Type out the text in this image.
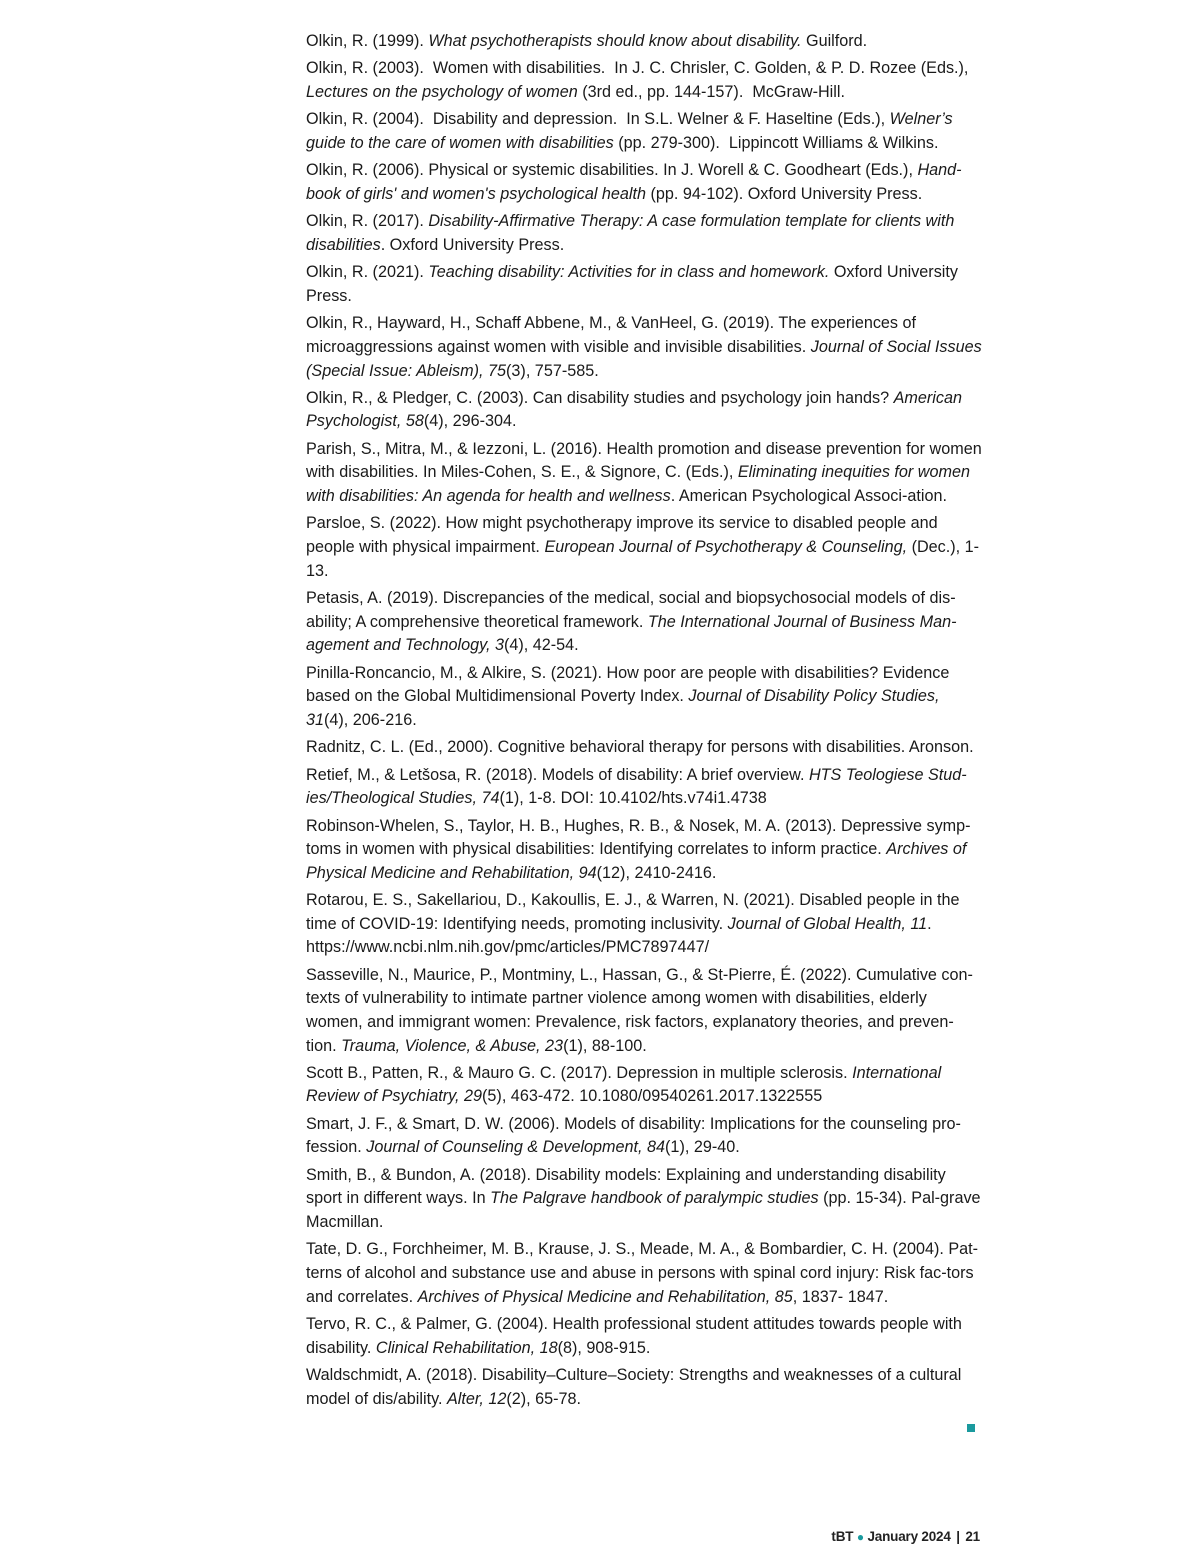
Olkin, R. (1999). What psychotherapists should know about disability. Guilford.

Olkin, R. (2003).  Women with disabilities.  In J. C. Chrisler, C. Golden, & P. D. Rozee (Eds.), Lectures on the psychology of women (3rd ed., pp. 144-157).  McGraw-Hill.

Olkin, R. (2004).  Disability and depression.  In S.L. Welner & F. Haseltine (Eds.), Welner’s guide to the care of women with disabilities (pp. 279-300).  Lippincott Williams & Wilkins.

Olkin, R. (2006). Physical or systemic disabilities. In J. Worell & C. Goodheart (Eds.), Hand-book of girls' and women's psychological health (pp. 94-102). Oxford University Press.

Olkin, R. (2017). Disability-Affirmative Therapy: A case formulation template for clients with disabilities. Oxford University Press.

Olkin, R. (2021). Teaching disability: Activities for in class and homework. Oxford University Press.

Olkin, R., Hayward, H., Schaff Abbene, M., & VanHeel, G. (2019). The experiences of microaggressions against women with visible and invisible disabilities. Journal of Social Issues (Special Issue: Ableism), 75(3), 757-585.

Olkin, R., & Pledger, C. (2003). Can disability studies and psychology join hands? American Psychologist, 58(4), 296-304.

Parish, S., Mitra, M., & Iezzoni, L. (2016). Health promotion and disease prevention for women with disabilities. In Miles-Cohen, S. E., & Signore, C. (Eds.), Eliminating inequities for women with disabilities: An agenda for health and wellness. American Psychological Associ-ation.

Parsloe, S. (2022). How might psychotherapy improve its service to disabled people and people with physical impairment. European Journal of Psychotherapy & Counseling, (Dec.), 1-13.

Petasis, A. (2019). Discrepancies of the medical, social and biopsychosocial models of dis-ability; A comprehensive theoretical framework. The International Journal of Business Man-agement and Technology, 3(4), 42-54.

Pinilla-Roncancio, M., & Alkire, S. (2021). How poor are people with disabilities? Evidence based on the Global Multidimensional Poverty Index. Journal of Disability Policy Studies, 31(4), 206-216.

Radnitz, C. L. (Ed., 2000). Cognitive behavioral therapy for persons with disabilities. Aronson.

Retief, M., & Letšosa, R. (2018). Models of disability: A brief overview. HTS Teologiese Stud-ies/Theological Studies, 74(1), 1-8. DOI: 10.4102/hts.v74i1.4738

Robinson-Whelen, S., Taylor, H. B., Hughes, R. B., & Nosek, M. A. (2013). Depressive symp-toms in women with physical disabilities: Identifying correlates to inform practice. Archives of Physical Medicine and Rehabilitation, 94(12), 2410-2416.

Rotarou, E. S., Sakellariou, D., Kakoullis, E. J., & Warren, N. (2021). Disabled people in the time of COVID-19: Identifying needs, promoting inclusivity. Journal of Global Health, 11. https://www.ncbi.nlm.nih.gov/pmc/articles/PMC7897447/

Sasseville, N., Maurice, P., Montminy, L., Hassan, G., & St-Pierre, É. (2022). Cumulative con-texts of vulnerability to intimate partner violence among women with disabilities, elderly women, and immigrant women: Prevalence, risk factors, explanatory theories, and preven-tion. Trauma, Violence, & Abuse, 23(1), 88-100.

Scott B., Patten, R., & Mauro G. C. (2017). Depression in multiple sclerosis. International Review of Psychiatry, 29(5), 463-472. 10.1080/09540261.2017.1322555

Smart, J. F., & Smart, D. W. (2006). Models of disability: Implications for the counseling pro-fession. Journal of Counseling & Development, 84(1), 29-40.

Smith, B., & Bundon, A. (2018). Disability models: Explaining and understanding disability sport in different ways. In The Palgrave handbook of paralympic studies (pp. 15-34). Pal-grave Macmillan.

Tate, D. G., Forchheimer, M. B., Krause, J. S., Meade, M. A., & Bombardier, C. H. (2004). Pat-terns of alcohol and substance use and abuse in persons with spinal cord injury: Risk fac-tors and correlates. Archives of Physical Medicine and Rehabilitation, 85, 1837- 1847.

Tervo, R. C., & Palmer, G. (2004). Health professional student attitudes towards people with disability. Clinical Rehabilitation, 18(8), 908-915.

Waldschmidt, A. (2018). Disability–Culture–Society: Strengths and weaknesses of a cultural model of dis/ability. Alter, 12(2), 65-78.

tBT ● January 2024 | 21
